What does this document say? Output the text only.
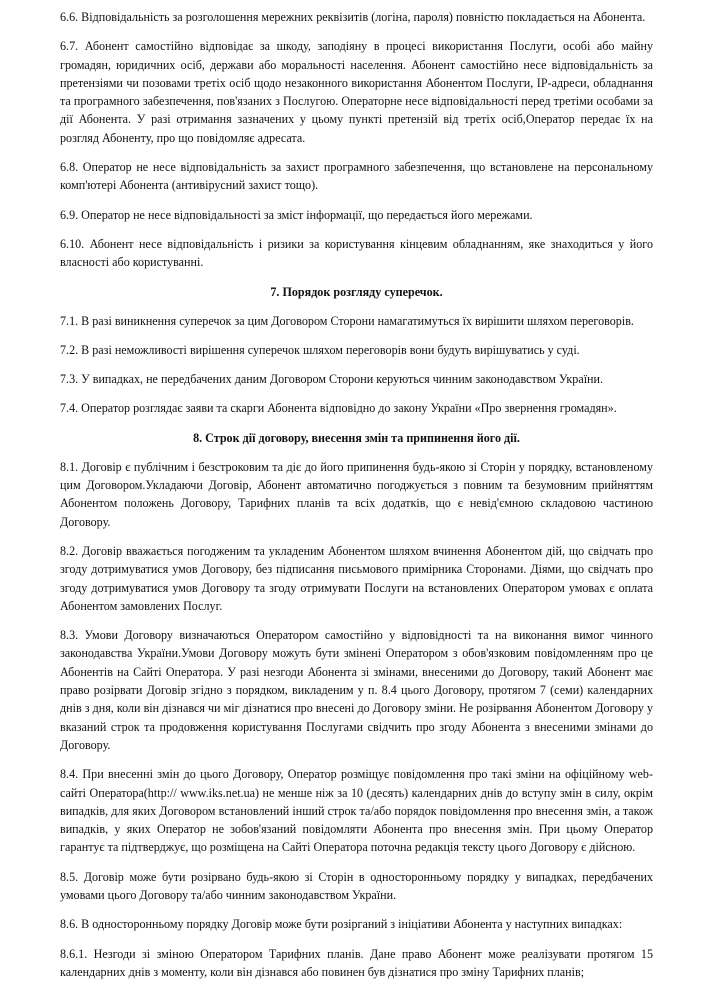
6.6. Відповідальність за розголошення мережних реквізитів (логіна, пароля) повністю покладається на Абонента.

6.7. Абонент самостійно відповідає за шкоду, заподіяну в процесі використання Послуги, особі або майну громадян, юридичних осіб, держави або моральності населення. Абонент самостійно несе відповідальність за претензіями чи позовами третіх осіб щодо незаконного використання Абонентом Послуги, IP-адреси, обладнання та програмного забезпечення, пов'язаних з Послугою. Операторне несе відповідальності перед третіми особами за дії Абонента. У разі отримання зазначених у цьому пункті претензій від третіх осіб,Оператор передає їх на розгляд Абоненту, про що повідомляє адресата.

6.8. Оператор не несе відповідальність за захист програмного забезпечення, що встановлене на персональному комп'ютері Абонента (антивірусний захист тощо).

6.9. Оператор не несе відповідальності за зміст інформації, що передається його мережами.

6.10. Абонент несе відповідальність і ризики за користування кінцевим обладнанням, яке знаходиться у його власності або користуванні.

7. Порядок розгляду суперечок.

7.1. В разі виникнення суперечок за цим Договором Сторони намагатимуться їх вирішити шляхом переговорів.

7.2. В разі неможливості вирішення суперечок шляхом переговорів вони будуть вирішуватись у суді.

7.3. У випадках, не передбачених даним Договором Сторони керуються чинним законодавством України.

7.4. Оператор розглядає заяви та скарги Абонента відповідно до закону України «Про звернення громадян».

8. Строк дії договору, внесення змін та припинення його дії.

8.1. Договір є публічним і безстроковим та діє до його припинення будь-якою зі Сторін у порядку, встановленому цим Договором.Укладаючи Договір, Абонент автоматично погоджується з повним та безумовним прийняттям Абонентом положень Договору, Тарифних планів та всіх додатків, що є невід'ємною складовою частиною Договору.

8.2. Договір вважається погодженим та укладеним Абонентом шляхом вчинення Абонентом дій, що свідчать про згоду дотримуватися умов Договору, без підписання письмового примірника Сторонами. Діями, що свідчать про згоду дотримуватися умов Договору та згоду отримувати Послуги на встановлених Оператором умовах є оплата Абонентом замовлених Послуг.

8.3. Умови Договору визначаються Оператором самостійно у відповідності та на виконання вимог чинного законодавства України.Умови Договору можуть бути змінені Оператором з обов'язковим повідомленням про це Абонентів на Сайті Оператора. У разі незгоди Абонента зі змінами, внесеними до Договору, такий Абонент має право розірвати Договір згідно з порядком, викладеним у п. 8.4 цього Договору, протягом 7 (семи) календарних днів з дня, коли він дізнався чи міг дізнатися про внесені до Договору зміни. Не розірвання Абонентом Договору у вказаний строк та продовження користування Послугами свідчить про згоду Абонента з внесеними змінами до Договору.

8.4. При внесенні змін до цього Договору, Оператор розміщує повідомлення про такі зміни на офіційному web-сайті Оператора(http:// www.iks.net.ua) не менше ніж за 10 (десять) календарних днів до вступу змін в силу, окрім випадків, для яких Договором встановлений інший строк та/або порядок повідомлення про внесення змін, а також випадків, у яких Оператор не зобов'язаний повідомляти Абонента про внесення змін. При цьому Оператор гарантує та підтверджує, що розміщена на Сайті Оператора поточна редакція тексту цього Договору є дійсною.

8.5. Договір може бути розірвано будь-якою зі Сторін в односторонньому порядку у випадках, передбачених умовами цього Договору та/або чинним законодавством України.

8.6. В односторонньому порядку Договір може бути розірганий з ініціативи Абонента у наступних випадках:

8.6.1. Незгоди зі зміною Оператором Тарифних планів. Дане право Абонент може реалізувати протягом 15 календарних днів з моменту, коли він дізнався або повинен був дізнатися про зміну Тарифних планів;
